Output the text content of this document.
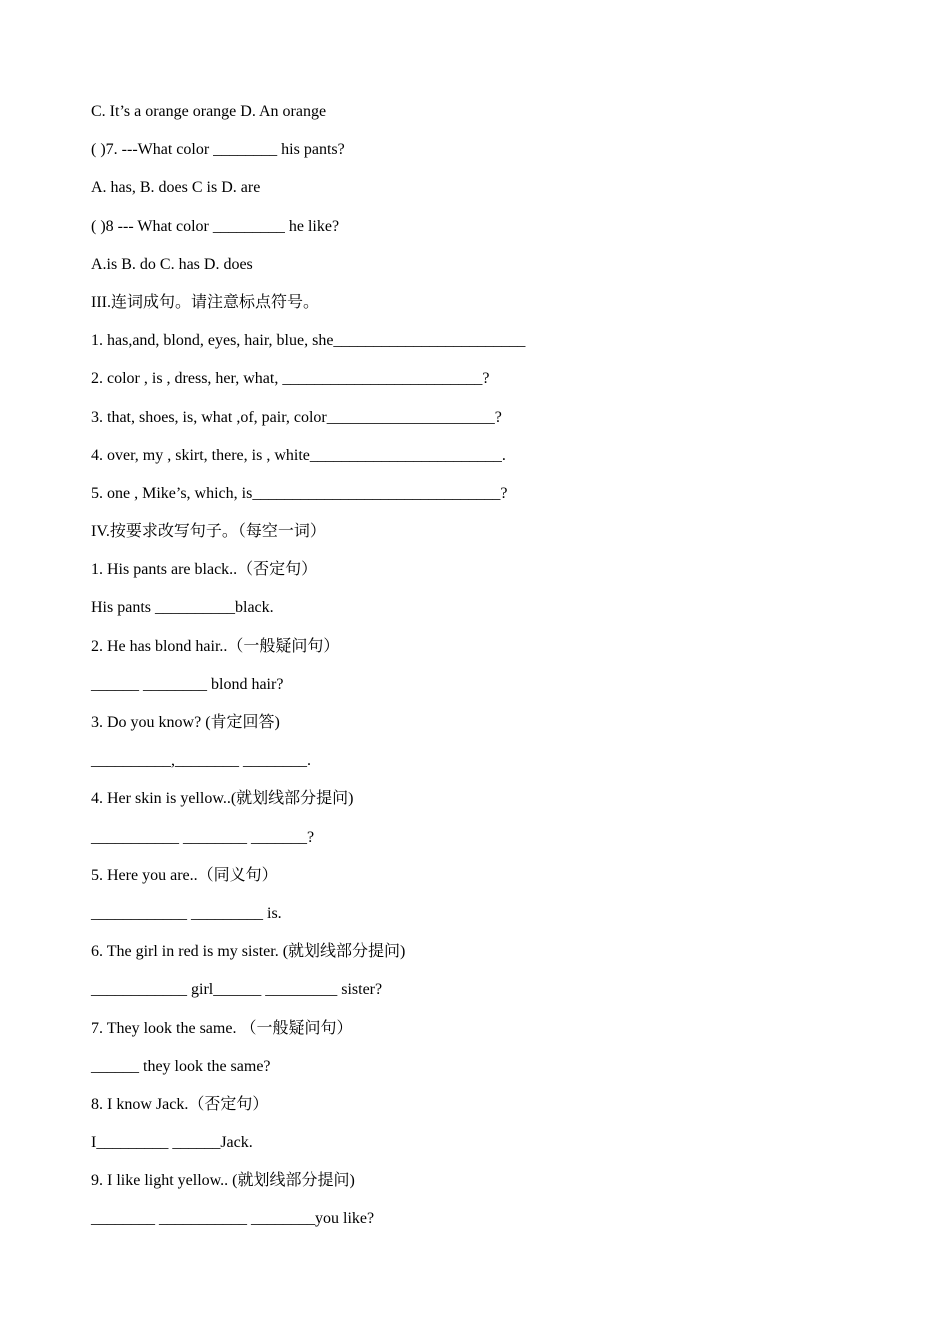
C. It’s a orange orange D. An orange
( )7. ---What color ________ his pants?
A. has, B. does C is D. are
( )8 --- What color _________ he like?
A.is B. do C. has D. does
III.连词成句。请注意标点符号。
1. has,and, blond, eyes, hair, blue, she________________________
2. color , is , dress, her, what, _________________________?
3. that, shoes, is, what ,of, pair, color_____________________?
4. over, my , skirt, there, is , white________________________.
5. one , Mike’s, which, is_______________________________?
IV.按要求改写句子。（每空一词）
1. His pants are black..（否定句）
His pants __________black.
2. He has blond hair..（一般疑问句）
______ ________ blond hair?
3. Do you know? (肯定回答)
__________,________ ________.
4. Her skin is yellow..(就划线部分提问)
___________ ________ _______?
5. Here you are..（同义句）
____________ _________ is.
6. The girl in red is my sister. (就划线部分提问)
____________ girl______ _________ sister?
7. They look the same. （一般疑问句）
______ they look the same?
8. I know Jack.（否定句）
I_________ ______Jack.
9. I like light yellow.. (就划线部分提问)
________ ___________ ________you like?
